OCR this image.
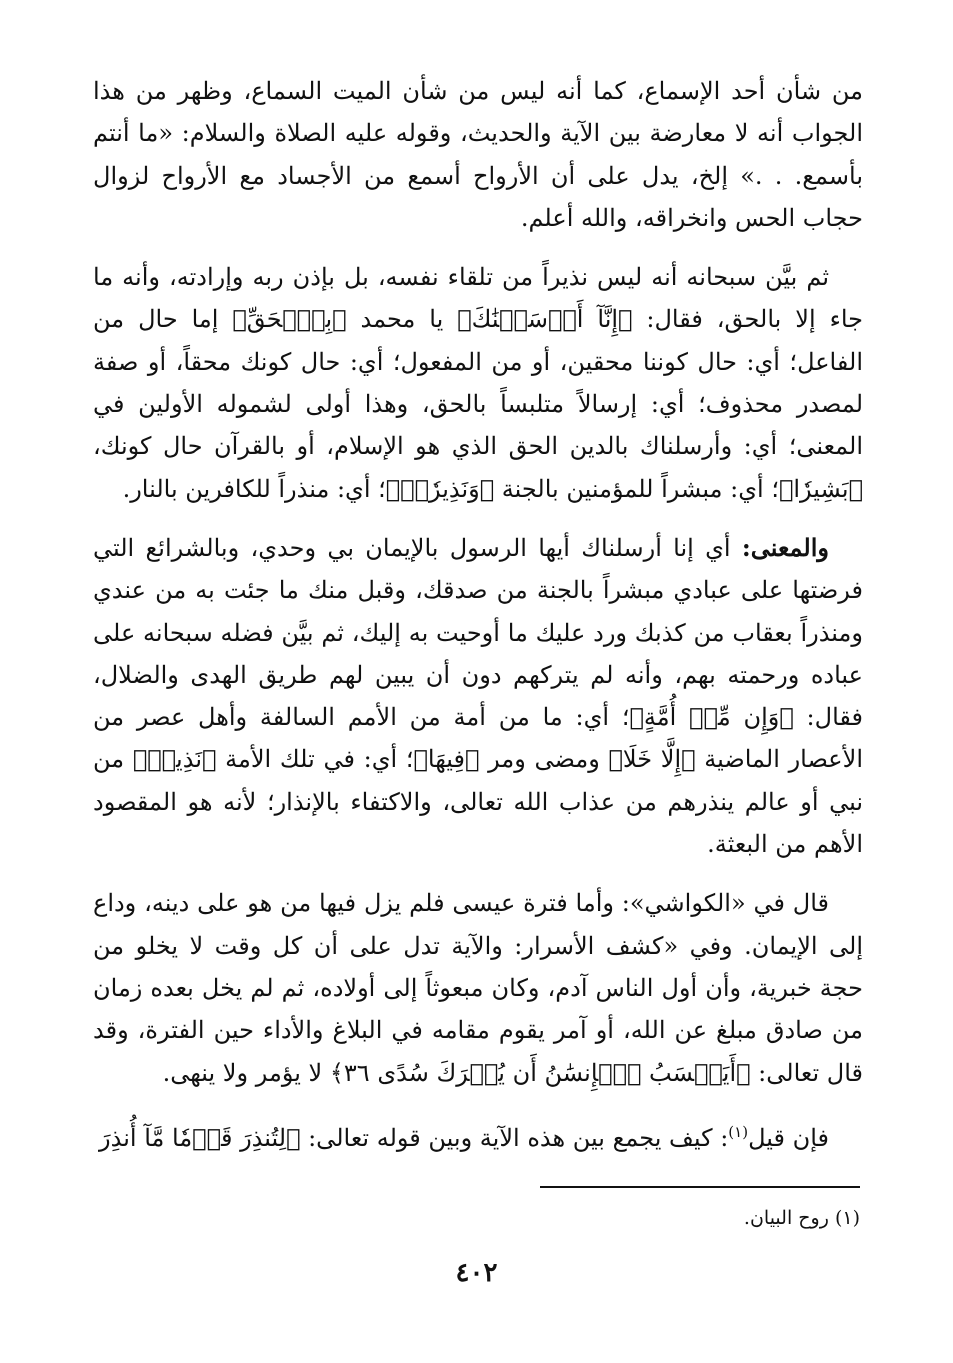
من شأن أحد الإسماع، كما أنه ليس من شأن الميت السماع، وظهر من هذا الجواب أنه لا معارضة بين الآية والحديث، وقوله عليه الصلاة والسلام: «ما أنتم بأسمع. . .» إلخ، يدل على أن الأرواح أسمع من الأجساد مع الأرواح لزوال حجاب الحس وانخراقه، والله أعلم.
ثم بيَّن سبحانه أنه ليس نذيراً من تلقاء نفسه، بل بإذن ربه وإرادته، وأنه ما جاء إلا بالحق، فقال: ﴿إِنَّآ أَرۡسَلۡنَٰكَ﴾ يا محمد ﴿بِٱلۡحَقِّ﴾ إما حال من الفاعل؛ أي: حال كوننا محقين، أو من المفعول؛ أي: حال كونك محقاً، أو صفة لمصدر محذوف؛ أي: إرسالاً متلبساً بالحق، وهذا أولى لشموله الأولين في المعنى؛ أي: وأرسلناك بالدين الحق الذي هو الإسلام، أو بالقرآن حال كونك، ﴿بَشِيرٗا﴾؛ أي: مبشراً للمؤمنين بالجنة ﴿وَنَذِيرٗاۚ﴾؛ أي: منذراً للكافرين بالنار.
والمعنى: أي إنا أرسلناك أيها الرسول بالإيمان بي وحدي، وبالشرائع التي فرضتها على عبادي مبشراً بالجنة من صدقك، وقبل منك ما جئت به من عندي ومنذراً بعقاب من كذبك ورد عليك ما أوحيت به إليك، ثم بيَّن فضله سبحانه على عباده ورحمته بهم، وأنه لم يتركهم دون أن يبين لهم طريق الهدى والضلال، فقال: ﴿وَإِن مِّنۡ أُمَّةٍ﴾؛ أي: ما من أمة من الأمم السالفة وأهل عصر من الأعصار الماضية ﴿إِلَّا خَلَا﴾ ومضى ومر ﴿فِيهَا﴾؛ أي: في تلك الأمة ﴿نَذِيرٞ﴾ من نبي أو عالم ينذرهم من عذاب الله تعالى، والاكتفاء بالإنذار؛ لأنه هو المقصود الأهم من البعثة.
قال في «الكواشي»: وأما فترة عيسى فلم يزل فيها من هو على دينه، وداع إلى الإيمان. وفي «كشف الأسرار: والآية تدل على أن كل وقت لا يخلو من حجة خبرية، وأن أول الناس آدم، وكان مبعوثاً إلى أولاده، ثم لم يخل بعده زمان من صادق مبلغ عن الله، أو آمر يقوم مقامه في البلاغ والأداء حين الفترة، وقد قال تعالى: ﴿أَيَحۡسَبُ ٱلۡإِنسَٰنُ أَن يُتۡرَكَ سُدًى ٣٦﴾ لا يؤمر ولا ينهى.
فإن قيل$^{(١)}$: كيف يجمع بين هذه الآية وبين قوله تعالى: ﴿لِتُنذِرَ قَوۡمٗا مَّآ أُنذِرَ
(١) روح البيان.
٤٠٢
